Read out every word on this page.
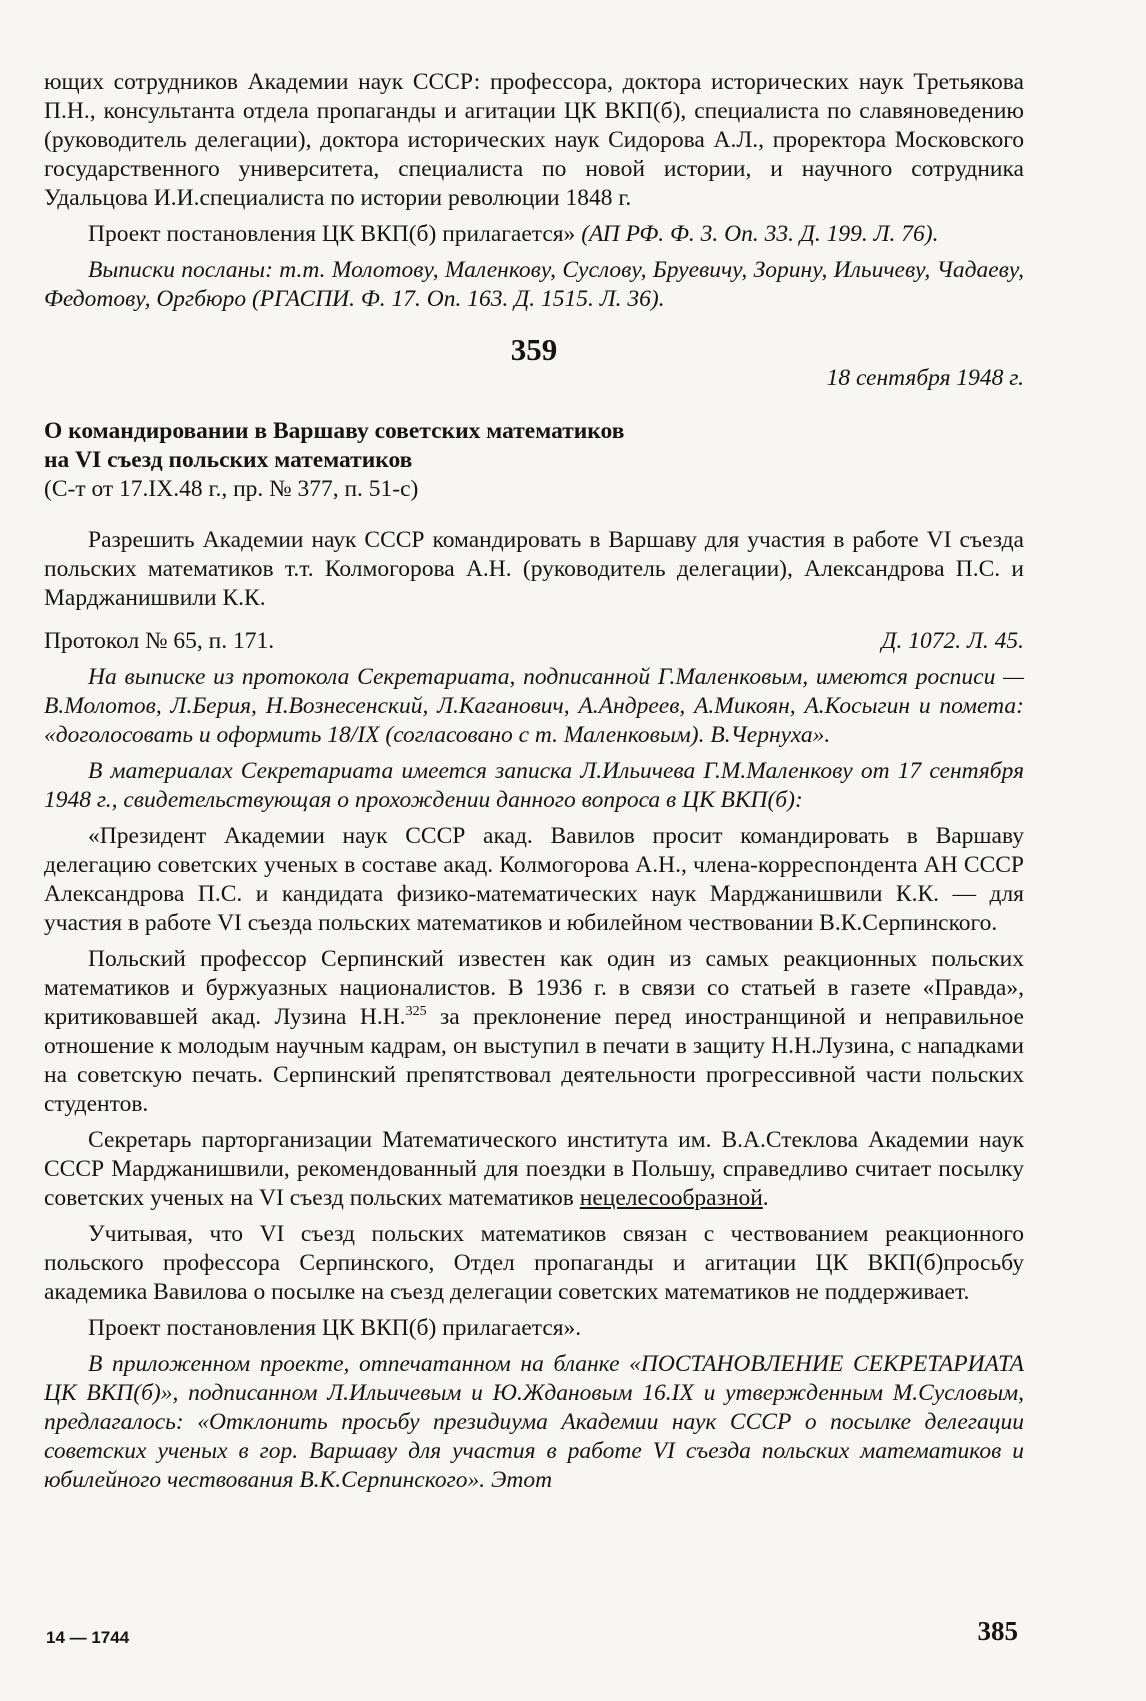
ющих сотрудников Академии наук СССР: профессора, доктора исторических наук Третьякова П.Н., консультанта отдела пропаганды и агитации ЦК ВКП(б), специалиста по славяноведению (руководитель делегации), доктора исторических наук Сидорова А.Л., проректора Московского государственного университета, специалиста по новой истории, и научного сотрудника Удальцова И.И.специалиста по истории революции 1848 г.

Проект постановления ЦК ВКП(б) прилагается» (АП РФ. Ф. 3. Оп. 33. Д. 199. Л. 76).

Выписки посланы: т.т. Молотову, Маленкову, Суслову, Бруевичу, Зорину, Ильичеву, Чадаеву, Федотову, Оргбюро (РГАСПИ. Ф. 17. Оп. 163. Д. 1515. Л. 36).

359
18 сентября 1948 г.
О командировании в Варшаву советских математиков
на VI съезд польских математиков

(С-т от 17.IX.48 г., пр. № 377, п. 51-с)

Разрешить Академии наук СССР командировать в Варшаву для участия в работе VI съезда польских математиков т.т. Колмогорова А.Н. (руководитель делегации), Александрова П.С. и Марджанишвили К.К.

Протокол № 65, п. 171.	Д. 1072. Л. 45.

На выписке из протокола Секретариата, подписанной Г.Маленковым, имеются росписи — В.Молотов, Л.Берия, Н.Вознесенский, Л.Каганович, А.Андреев, А.Микоян, А.Косыгин и помета: «доголосовать и оформить 18/IX (согласовано с т. Маленковым). В.Чернуха».

В материалах Секретариата имеется записка Л.Ильичева Г.М.Маленкову от 17 сентября 1948 г., свидетельствующая о прохождении данного вопроса в ЦК ВКП(б):

«Президент Академии наук СССР акад. Вавилов просит командировать в Варшаву делегацию советских ученых в составе акад. Колмогорова А.Н., члена-корреспондента АН СССР Александрова П.С. и кандидата физико-математических наук Марджанишвили К.К. — для участия в работе VI съезда польских математиков и юбилейном чествовании В.К.Серпинского.

Польский профессор Серпинский известен как один из самых реакционных польских математиков и буржуазных националистов. В 1936 г. в связи со статьей в газете «Правда», критиковавшей акад. Лузина Н.Н.$^{325}$ за преклонение перед иностранщиной и неправильное отношение к молодым научным кадрам, он выступил в печати в защиту Н.Н.Лузина, с нападками на советскую печать. Серпинский препятствовал деятельности прогрессивной части польских студентов.

Секретарь парторганизации Математического института им. В.А.Стеклова Академии наук СССР Марджанишвили, рекомендованный для поездки в Польшу, справедливо считает посылку советских ученых на VI съезд польских математиков нецелесообразной.

Учитывая, что VI съезд польских математиков связан с чествованием реакционного польского профессора Серпинского, Отдел пропаганды и агитации ЦК ВКП(б)просьбу академика Вавилова о посылке на съезд делегации советских математиков не поддерживает.

Проект постановления ЦК ВКП(б) прилагается».

В приложенном проекте, отпечатанном на бланке «ПОСТАНОВЛЕНИЕ СЕКРЕТАРИАТА ЦК ВКП(б)», подписанном Л.Ильичевым и Ю.Ждановым 16.IX и утвержденным М.Сусловым, предлагалось: «Отклонить просьбу президиума Академии наук СССР о посылке делегации советских ученых в гор. Варшаву для участия в работе VI съезда польских математиков и юбилейного чествования В.К.Серпинского». Этот

14 — 1744	385
